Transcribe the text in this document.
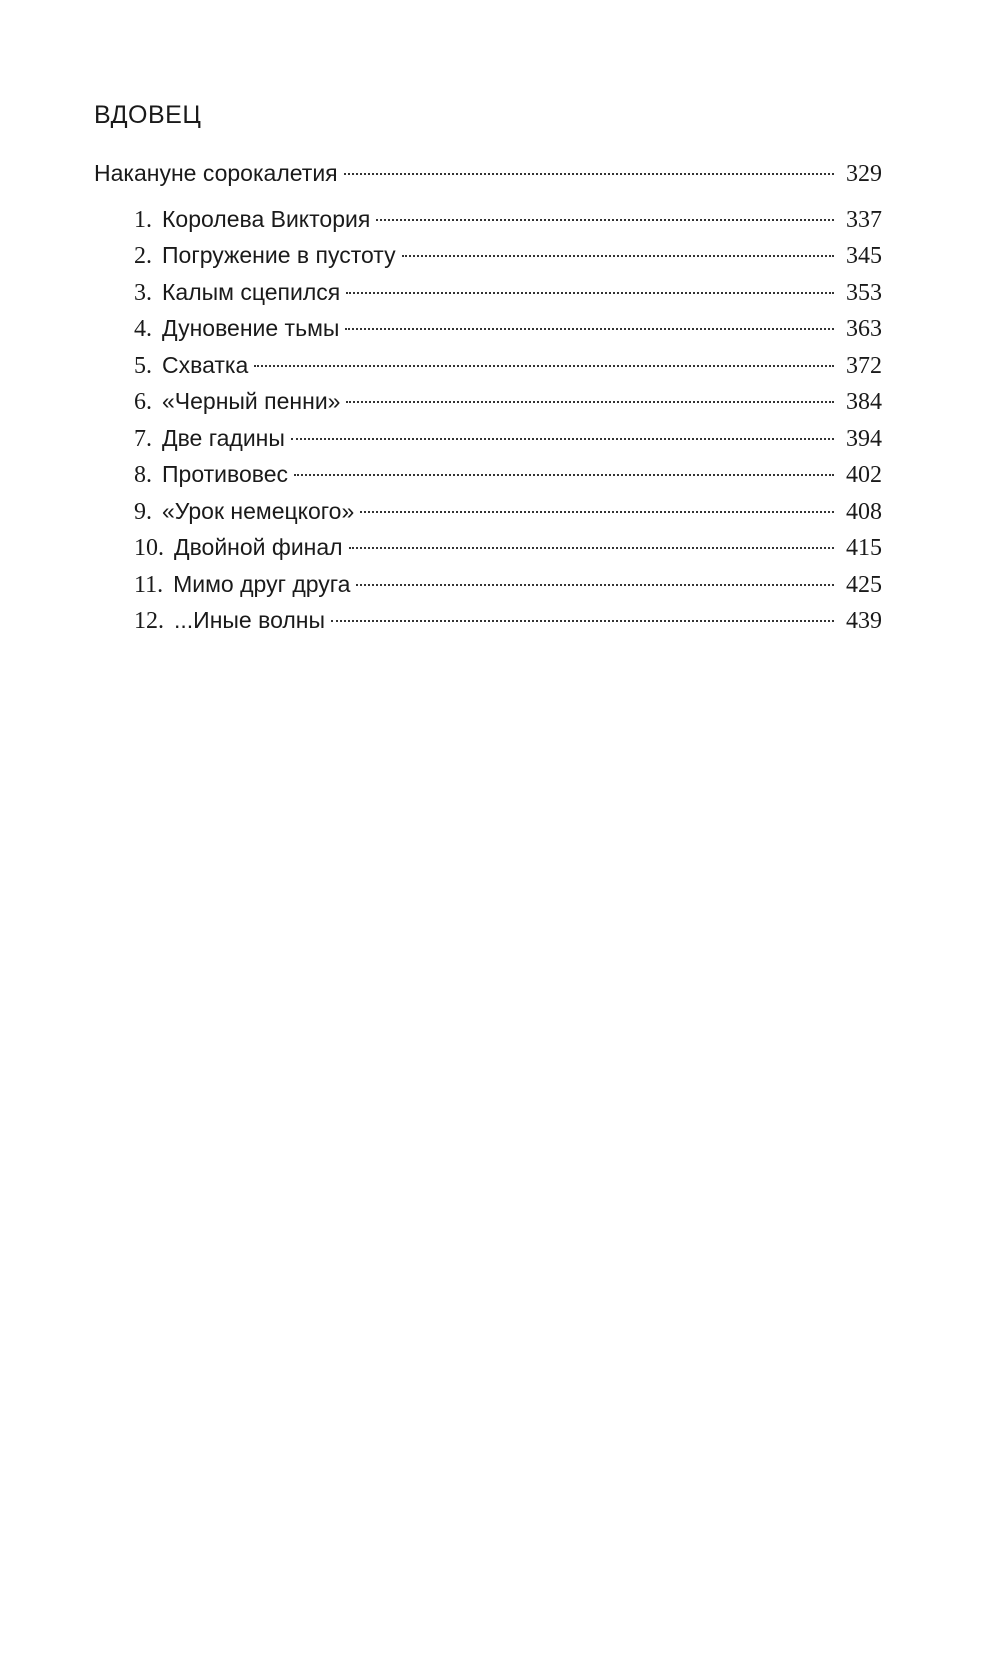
ВДОВЕЦ
Накануне сорокалетия	329
1. Королева Виктория	337
2. Погружение в пустоту	345
3. Калым сцепился	353
4. Дуновение тьмы	363
5. Схватка	372
6. «Черный пенни»	384
7. Две гадины	394
8. Противовес	402
9. «Урок немецкого»	408
10. Двойной финал	415
11. Мимо друг друга	425
12. ...Иные волны	439
